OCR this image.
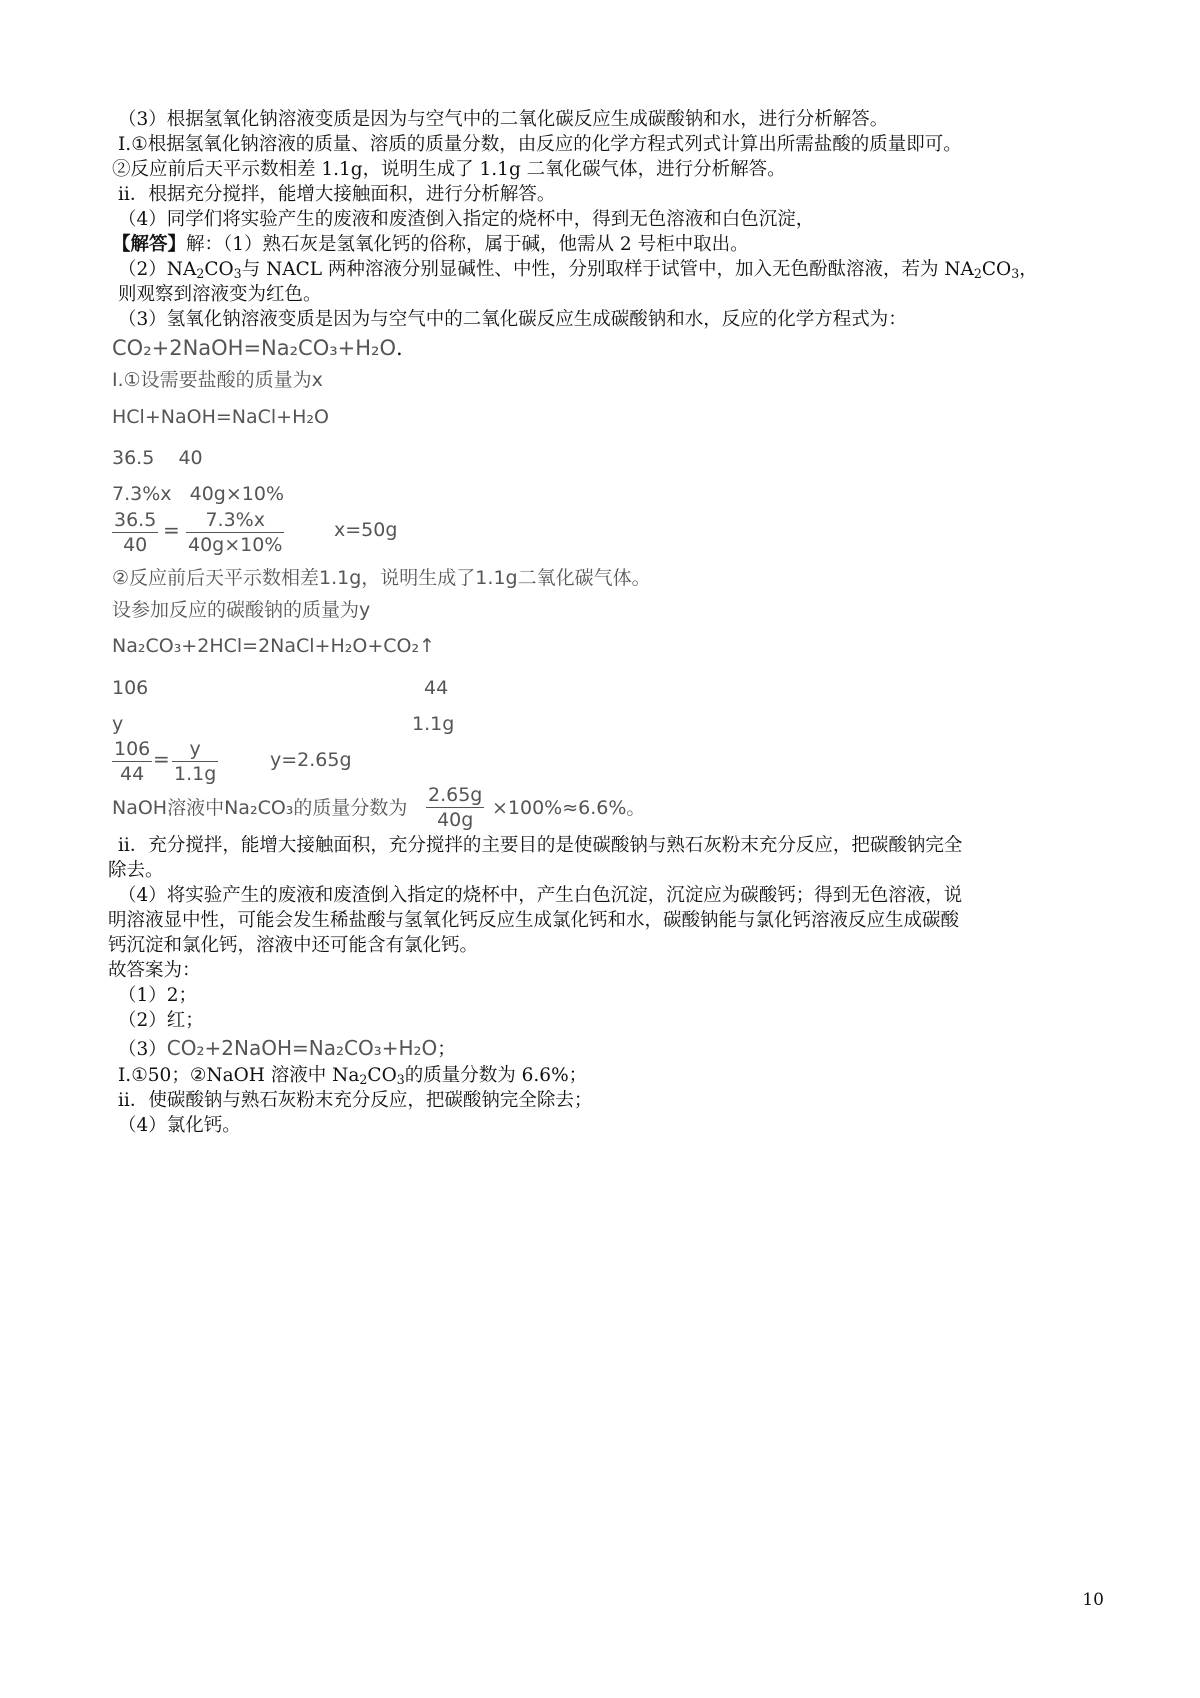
（3）根据氢氧化钠溶液变质是因为与空气中的二氧化碳反应生成碳酸钠和水，进行分析解答。
Ⅰ.①根据氢氧化钠溶液的质量、溶质的质量分数，由反应的化学方程式列式计算出所需盐酸的质量即可。
②反应前后天平示数相差 1.1g，说明生成了 1.1g 二氧化碳气体，进行分析解答。
ⅱ．根据充分搅拌，能增大接触面积，进行分析解答。
（4）同学们将实验产生的废液和废渣倒入指定的烧杯中，得到无色溶液和白色沉淀，
【解答】解：（1）熟石灰是氢氧化钙的俗称，属于碱，他需从 2 号柜中取出。
$(2)NA_2CO_3$与 NACL 两种溶液分别显碱性、中性，分别取样于试管中，加入无色酚酞溶液，若为 $NA_2CO_3$，
则观察到溶液变为红色。
（3）氢氧化钠溶液变质是因为与空气中的二氧化碳反应生成碳酸钠和水，反应的化学方程式为：
CO₂+2NaOH=Na₂CO₃+H₂O.
Ⅰ.①设需要盐酸的质量为x
HCl+NaOH=NaCl+H₂O
36.5    40
7.3%x   40g×10%
$\frac{36.5}{40} = \frac{7.3\%x}{40g\times 10\%}$	x=50g
②反应前后天平示数相差1.1g，说明生成了1.1g二氧化碳气体。
设参加反应的碳酸钠的质量为y
Na₂CO₃+2HCl=2NaCl+H₂O+CO₂↑
106	44
y	1.1g
$\frac{106}{44} = \frac{y}{1.1g}$	y=2.65g
NaOH溶液中Na₂CO₃的质量分数为 $\frac{2.65g}{40g} \times 100\%\approx 6.6\%$。
ⅱ．充分搅拌，能增大接触面积，充分搅拌的主要目的是使碳酸钠与熟石灰粉末充分反应，把碳酸钠完全
除去。
（4）将实验产生的废液和废渣倒入指定的烧杯中，产生白色沉淀，沉淀应为碳酸钙；得到无色溶液，说
明溶液显中性，可能会发生稀盐酸与氢氧化钙反应生成氯化钙和水，碳酸钠能与氯化钙溶液反应生成碳酸
钙沉淀和氯化钙，溶液中还可能含有氯化钙。
故答案为：
（1）2；
（2）红；
（3）CO₂+2NaOH=Na₂CO₃+H₂O；
Ⅰ.①50；②NaOH 溶液中 $Na_2CO_3$的质量分数为 6.6%；
ⅱ．使碳酸钠与熟石灰粉末充分反应，把碳酸钠完全除去；
（4）氯化钙。
10
